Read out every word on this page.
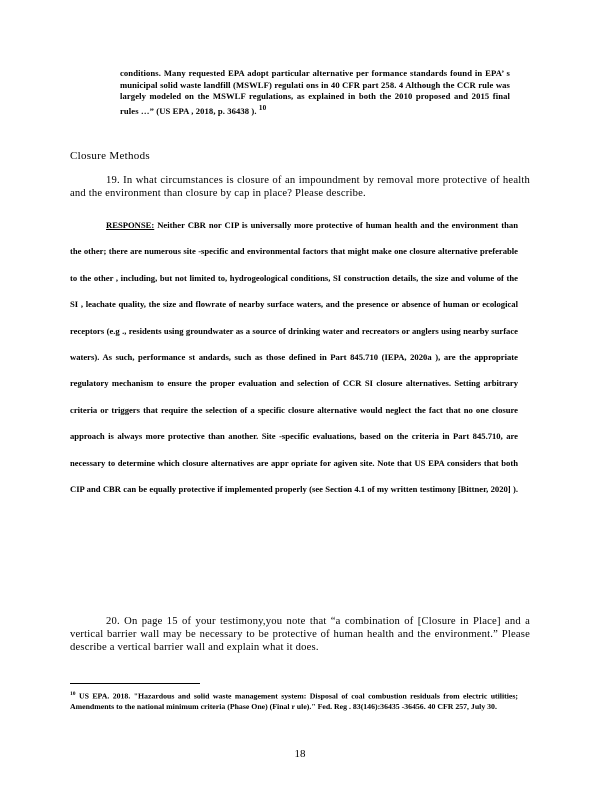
conditions. Many requested EPA adopt particular alternative per formance standards found in EPA’ s municipal solid waste landfill (MSWLF) regulati ons in 40 CFR part 258. 4 Although the CCR rule was largely modeled on the MSWLF regulations, as explained in both the 2010 proposed and 2015 final rules …” (US EPA , 2018, p. 36438 ). $^{10}$

Closure Methods

19. In what circumstances is closure of an impoundment by removal more protective of health and the environment than closure by cap in place? Please describe.

RESPONSE: Neither CBR nor CIP is universally more protective of human health and the environment than the other; there are numerous site -specific and environmental factors that might make one closure alternative preferable to the other , including, but not limited to, hydrogeological conditions, SI construction details, the size and volume of the SI , leachate quality, the size and flowrate of nearby surface waters, and the presence or absence of human or ecological receptors (e.g ., residents using groundwater as a source of drinking water and recreators or anglers using nearby surface waters). As such, performance st andards, such as those defined in Part 845.710 (IEPA, 2020a ), are the appropriate regulatory mechanism to ensure the proper evaluation and selection of CCR SI closure alternatives. Setting arbitrary criteria or triggers that require the selection of a specific closure alternative would neglect the fact that no one closure approach is always more protective than another. Site -specific evaluations, based on the criteria in Part 845.710, are necessary to determine which closure alternatives are appr opriate for agiven site. Note that US EPA considers that both CIP and CBR can be equally protective if implemented properly (see Section 4.1 of my written testimony [Bittner, 2020] ).

20. On page 15 of your testimony,you note that “a combination of [Closure in Place] and a vertical barrier wall may be necessary to be protective of human health and the environment.” Please describe a vertical barrier wall and explain what it does.

$^{10}$ US EPA. 2018. "Hazardous and solid waste management system: Disposal of coal combustion residuals from electric utilities; Amendments to the national minimum criteria (Phase One) (Final r ule)." Fed. Reg . 83(146):36435 -36456. 40 CFR 257, July 30.

18
